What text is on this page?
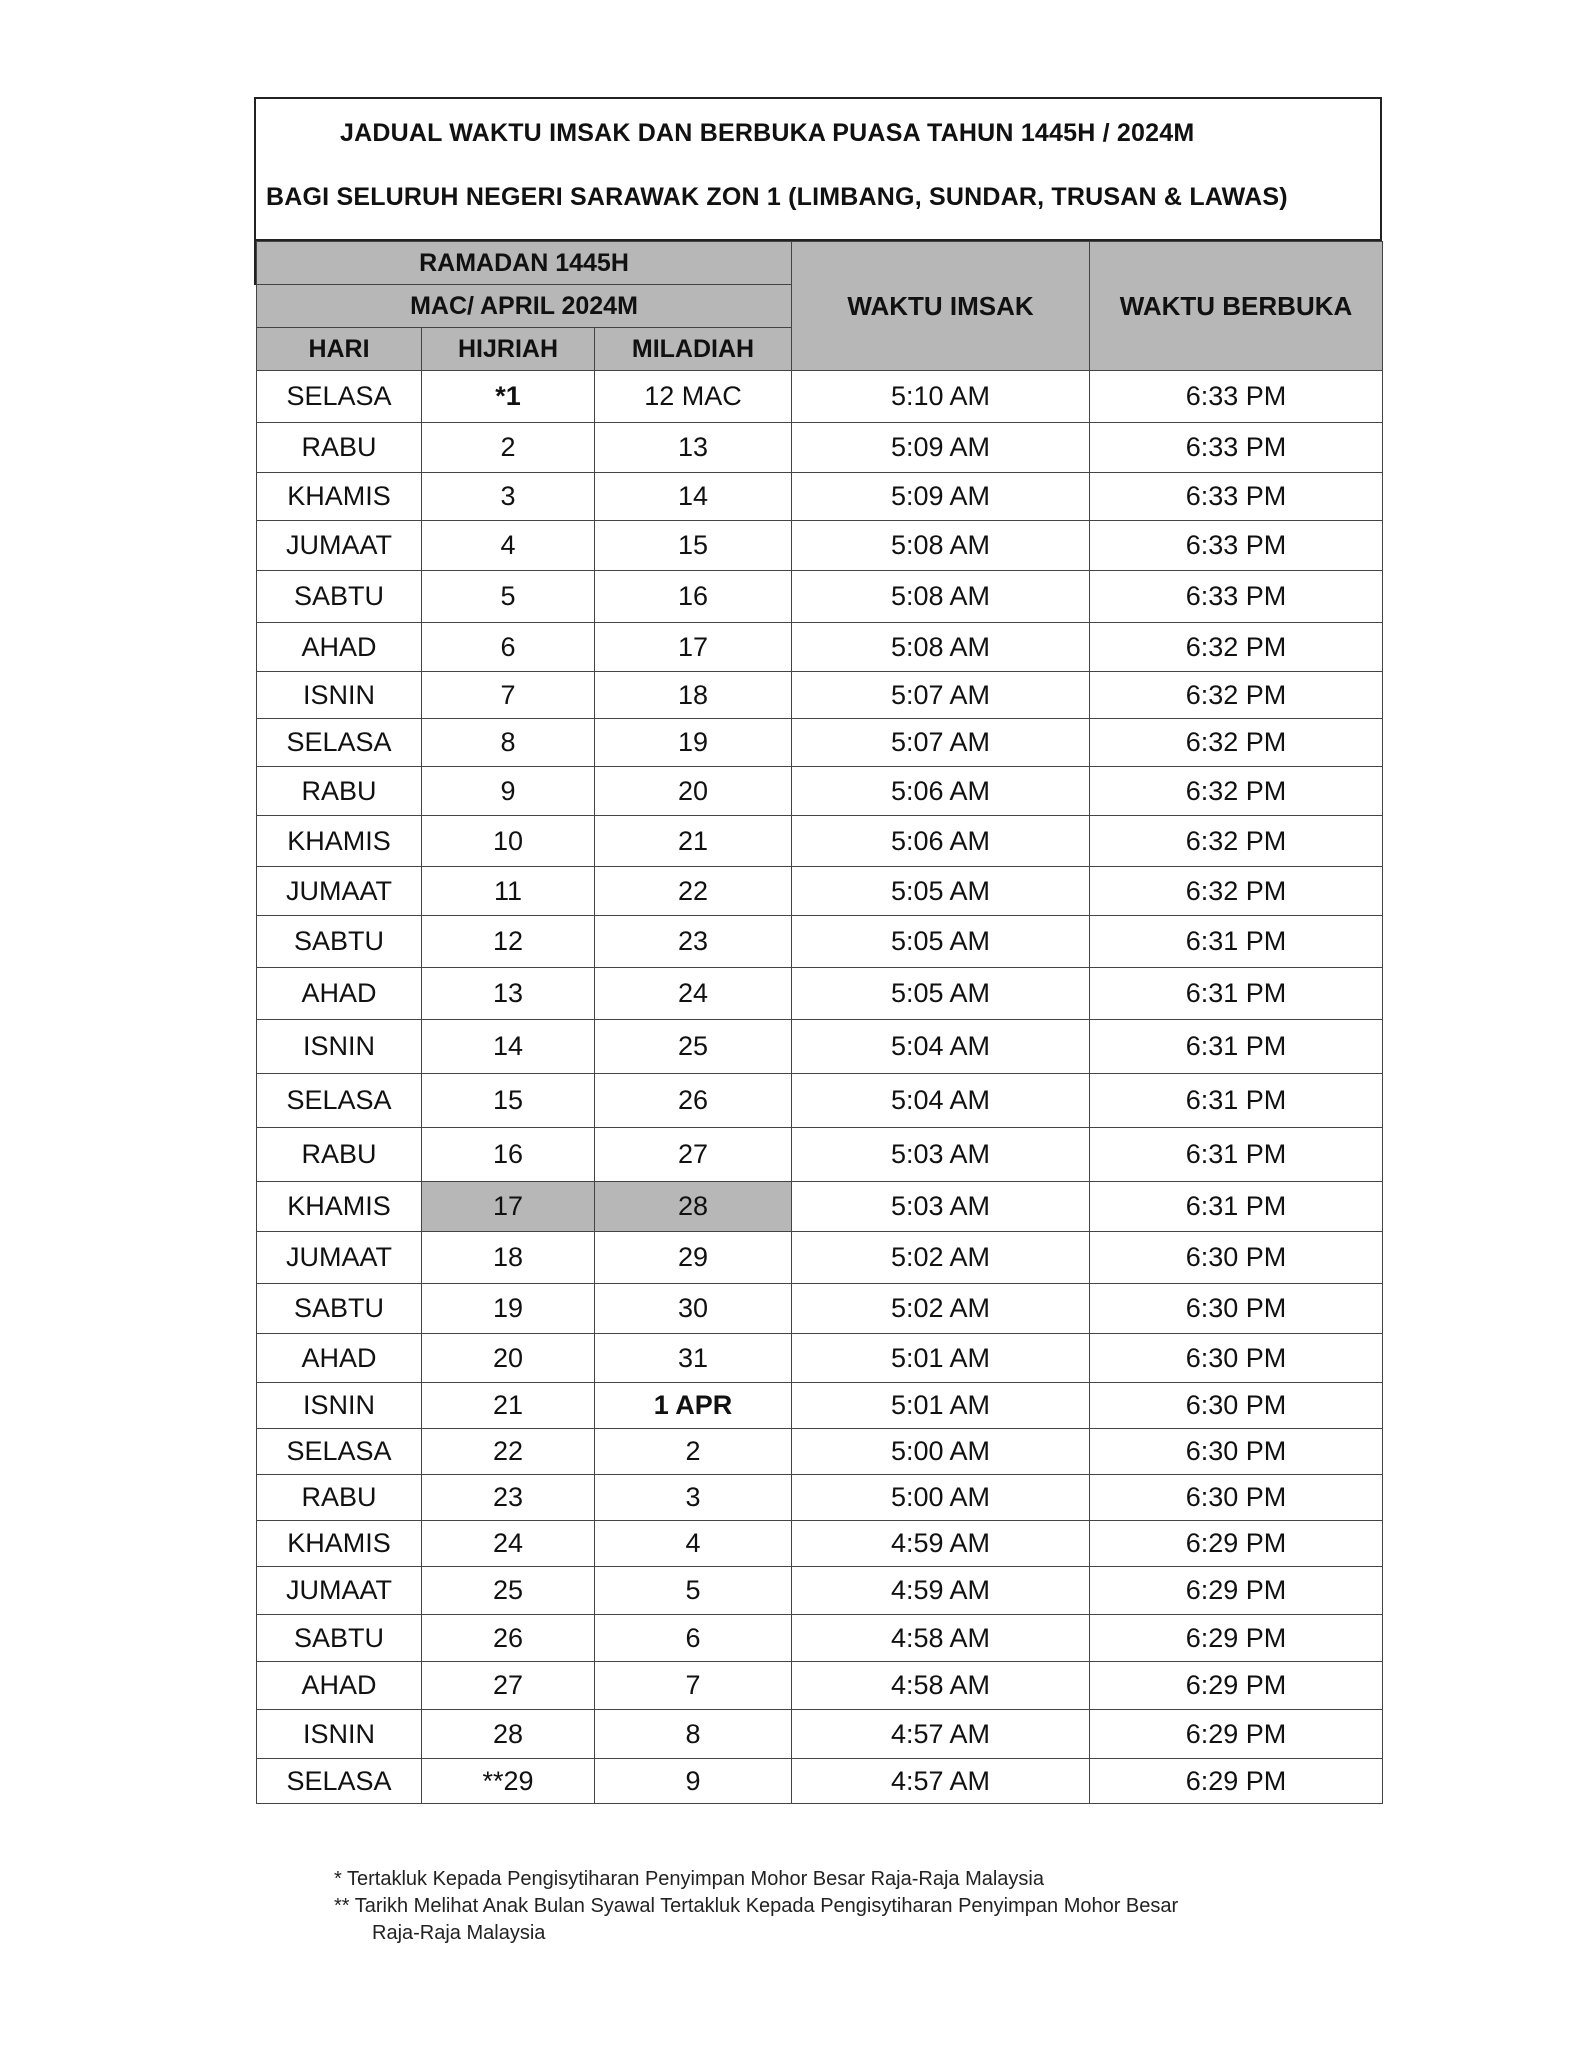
JADUAL WAKTU IMSAK DAN BERBUKA PUASA TAHUN 1445H / 2024M
BAGI SELURUH NEGERI SARAWAK ZON 1 (LIMBANG, SUNDAR, TRUSAN & LAWAS)
RAMADAN 1445H			WAKTU IMSAK	WAKTU BERBUKA
MAC/ APRIL 2024M				
HARI	HIJRIAH	MILADIAH		
SELASA	*1	12 MAC	5:10 AM	6:33 PM
RABU	2	13	5:09 AM	6:33 PM
KHAMIS	3	14	5:09 AM	6:33 PM
JUMAAT	4	15	5:08 AM	6:33 PM
SABTU	5	16	5:08 AM	6:33 PM
AHAD	6	17	5:08 AM	6:32 PM
ISNIN	7	18	5:07 AM	6:32 PM
SELASA	8	19	5:07 AM	6:32 PM
RABU	9	20	5:06 AM	6:32 PM
KHAMIS	10	21	5:06 AM	6:32 PM
JUMAAT	11	22	5:05 AM	6:32 PM
SABTU	12	23	5:05 AM	6:31 PM
AHAD	13	24	5:05 AM	6:31 PM
ISNIN	14	25	5:04 AM	6:31 PM
SELASA	15	26	5:04 AM	6:31 PM
RABU	16	27	5:03 AM	6:31 PM
KHAMIS	17	28	5:03 AM	6:31 PM
JUMAAT	18	29	5:02 AM	6:30 PM
SABTU	19	30	5:02 AM	6:30 PM
AHAD	20	31	5:01 AM	6:30 PM
ISNIN	21	1 APR	5:01 AM	6:30 PM
SELASA	22	2	5:00 AM	6:30 PM
RABU	23	3	5:00 AM	6:30 PM
KHAMIS	24	4	4:59 AM	6:29 PM
JUMAAT	25	5	4:59 AM	6:29 PM
SABTU	26	6	4:58 AM	6:29 PM
AHAD	27	7	4:58 AM	6:29 PM
ISNIN	28	8	4:57 AM	6:29 PM
SELASA	**29	9	4:57 AM	6:29 PM
* Tertakluk Kepada Pengisytiharan Penyimpan Mohor Besar Raja-Raja Malaysia
** Tarikh Melihat Anak Bulan Syawal Tertakluk Kepada Pengisytiharan Penyimpan Mohor Besar
Raja-Raja Malaysia
